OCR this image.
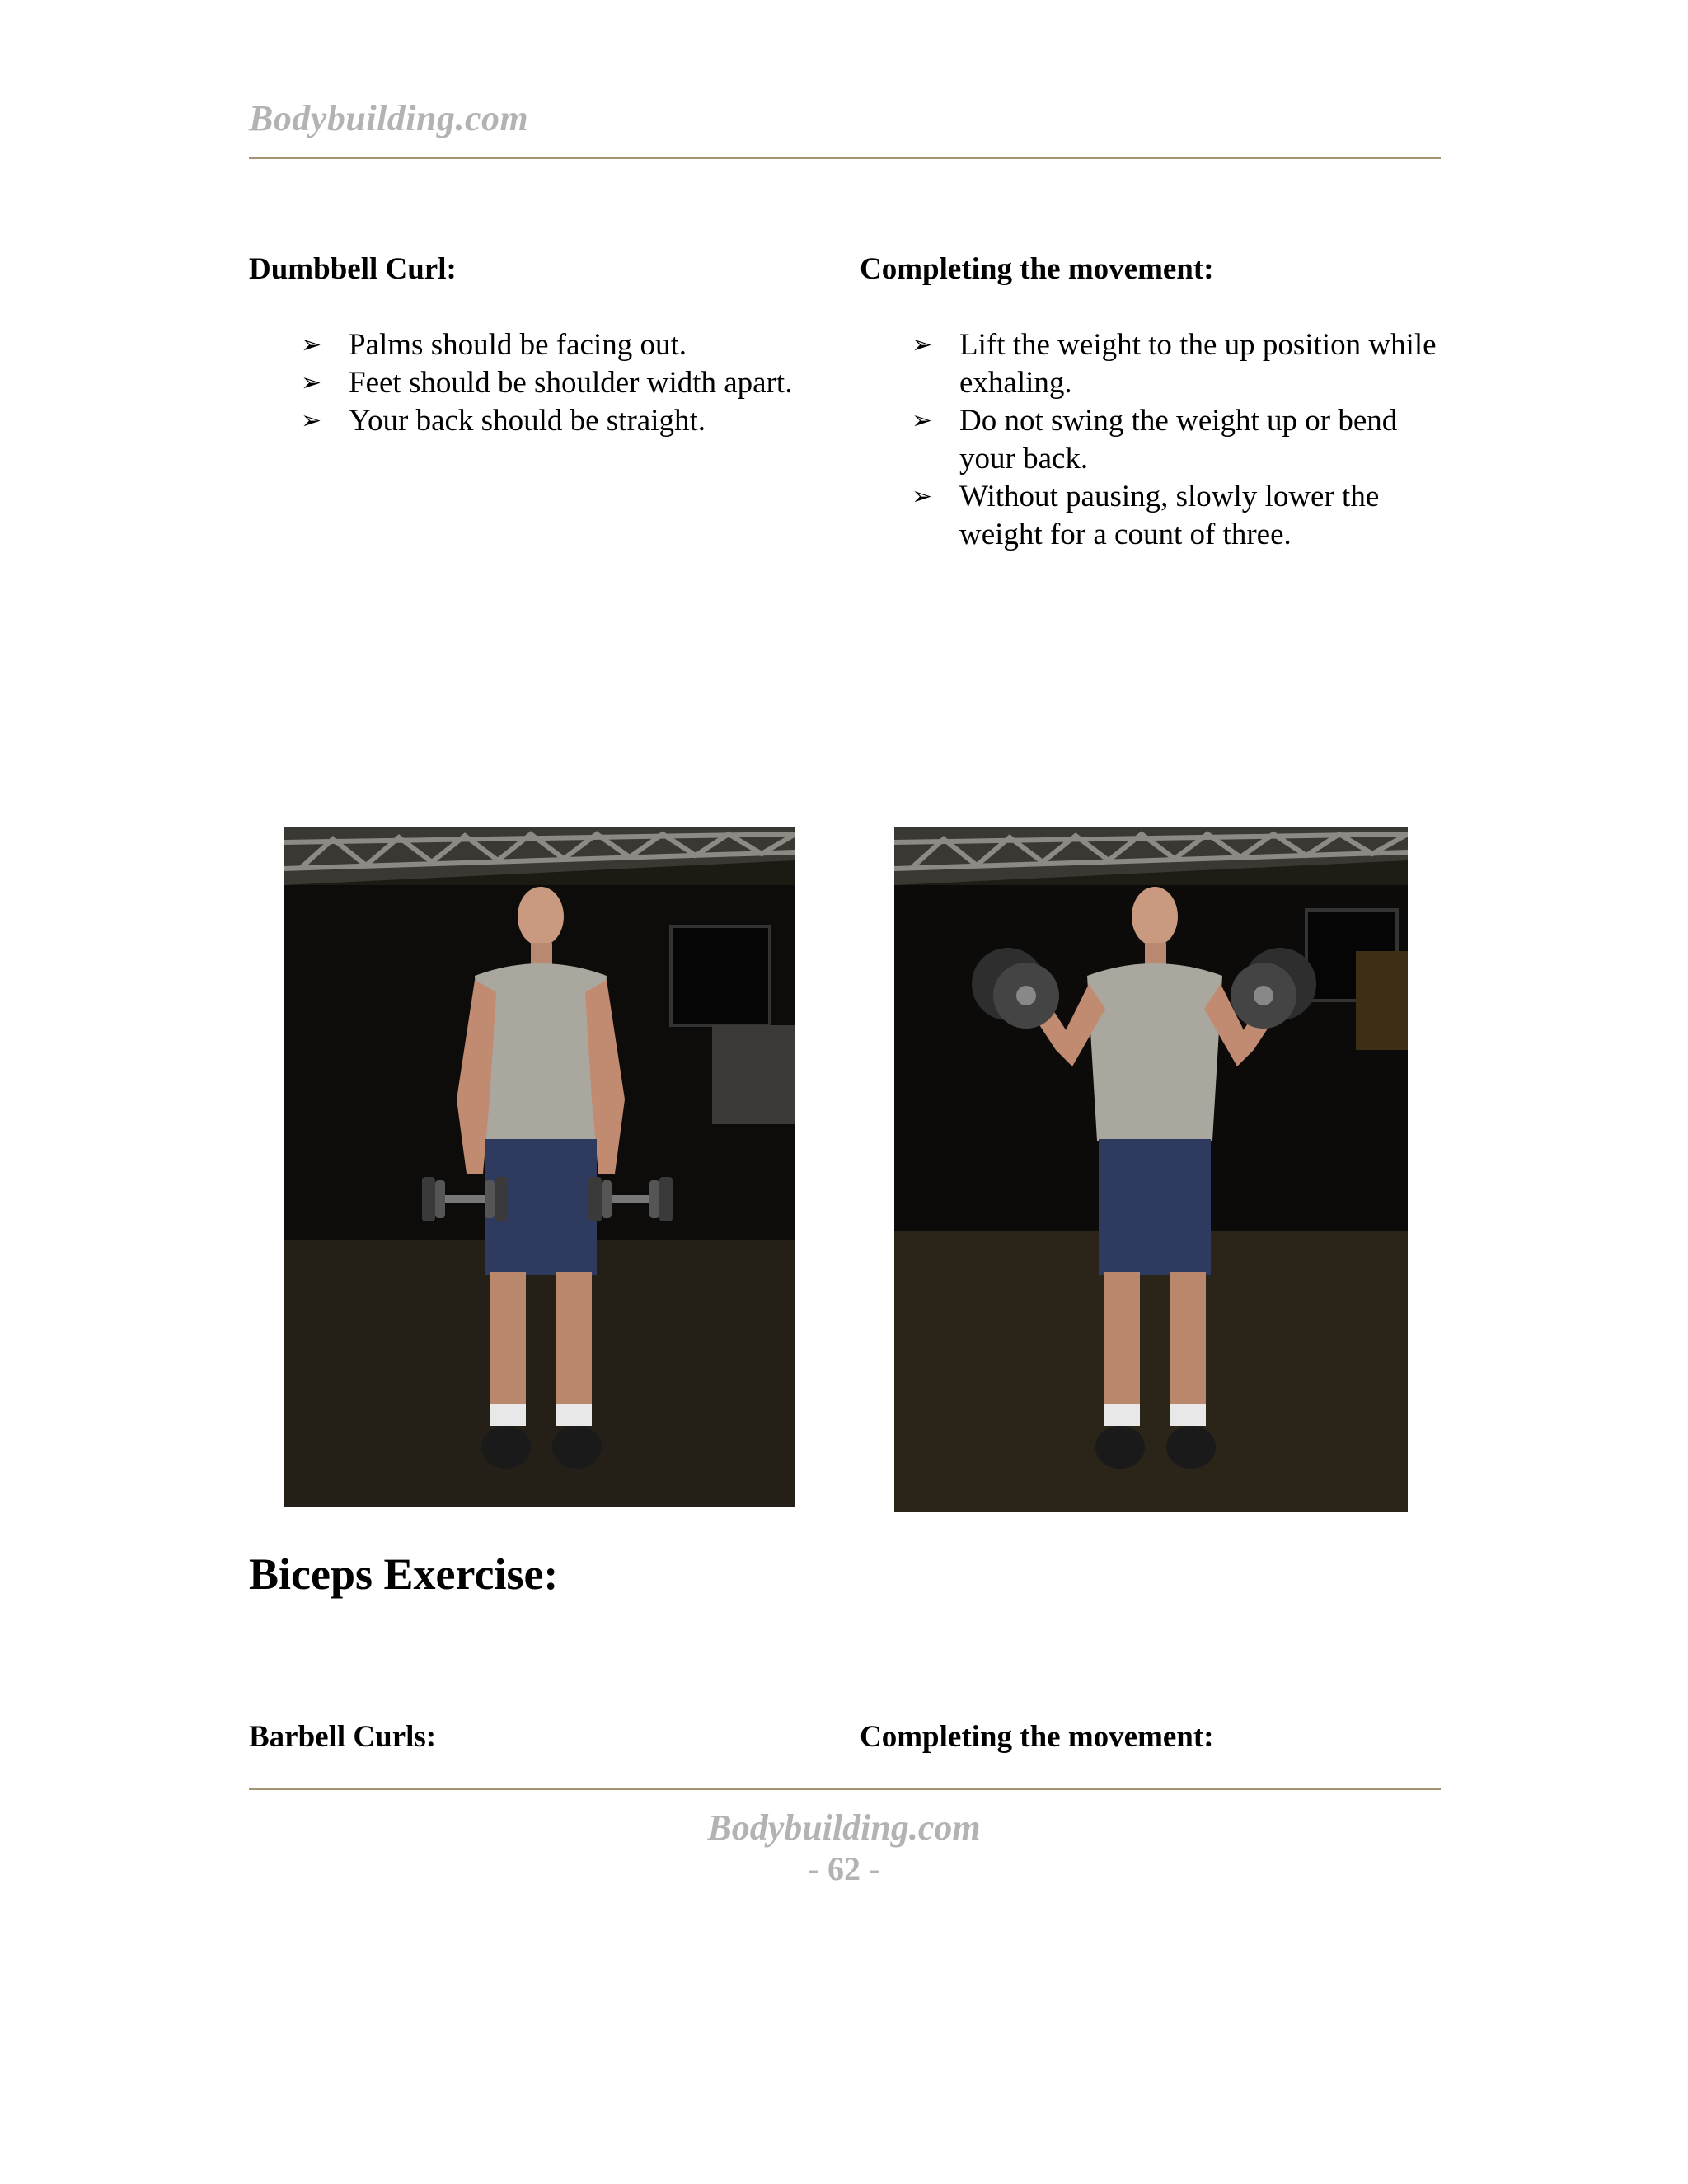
Bodybuilding.com
Dumbbell Curl:
➢ Palms should be facing out.
➢ Feet should be shoulder width apart.
➢ Your back should be straight.
Completing the movement:
➢ Lift the weight to the up position while exhaling.
➢ Do not swing the weight up or bend your back.
➢ Without pausing, slowly lower the weight for a count of three.
Biceps Exercise:
Barbell Curls:	Completing the movement:
Bodybuilding.com
- 62 -
